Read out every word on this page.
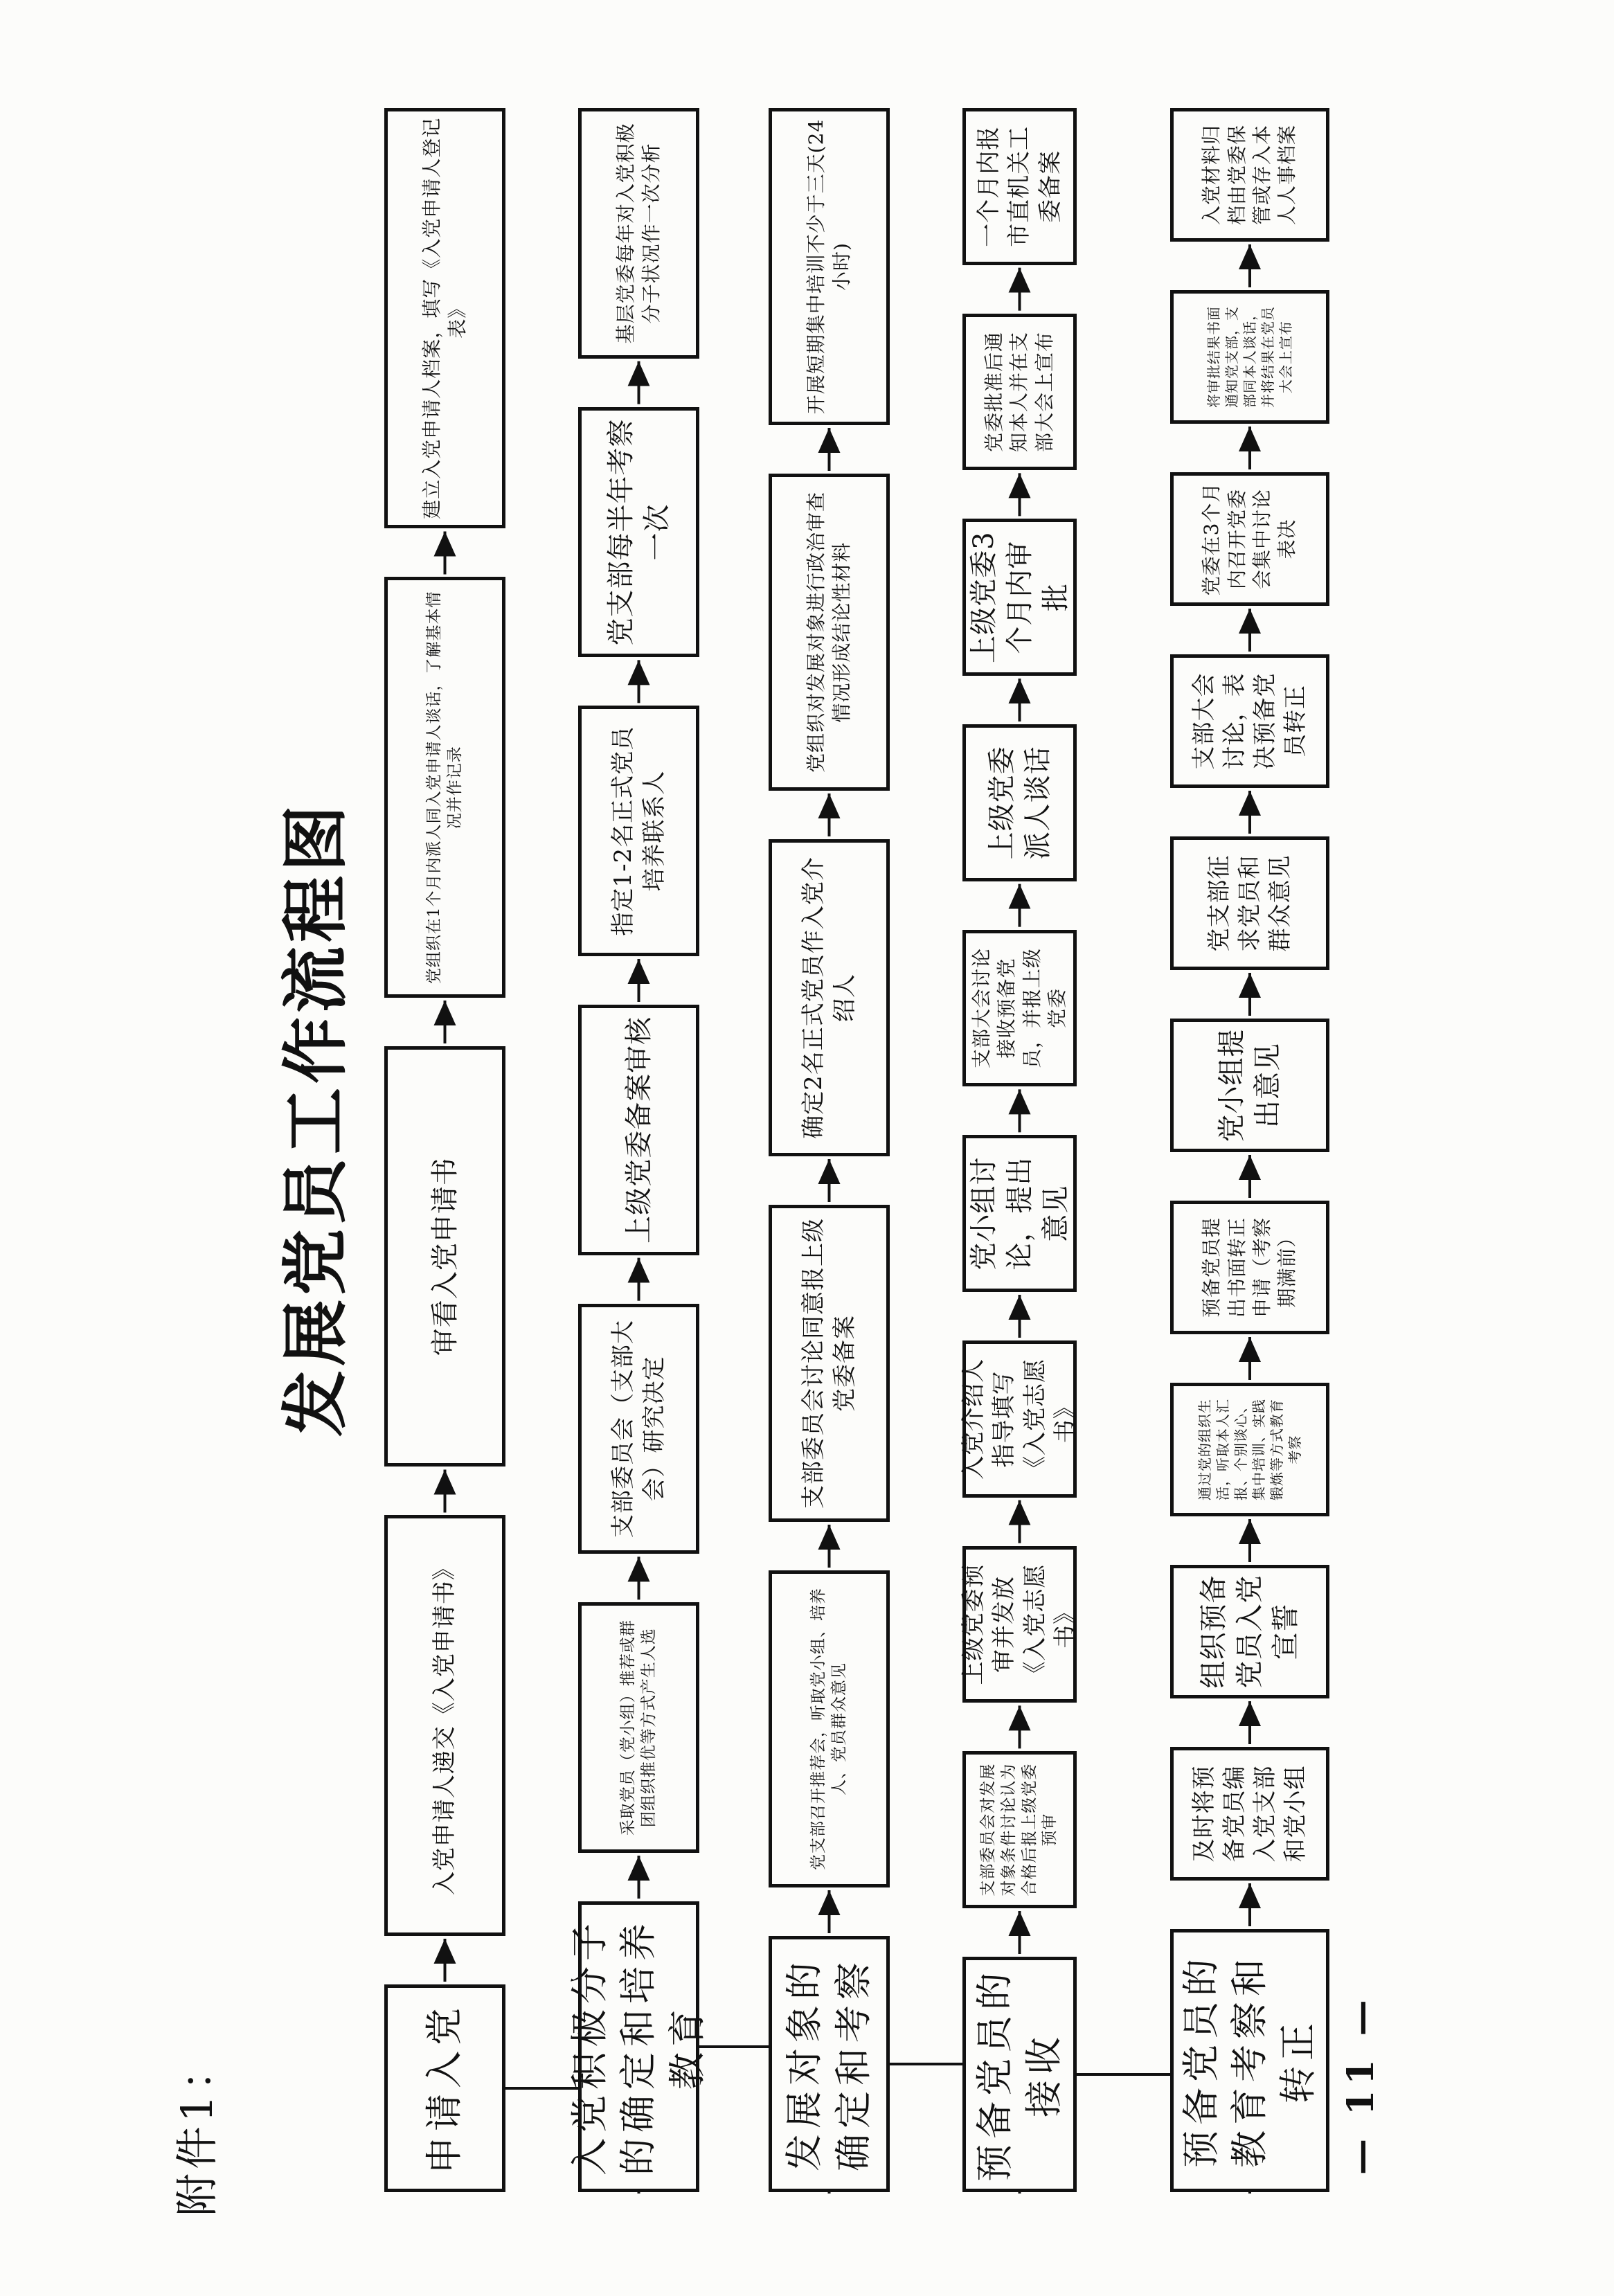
附件1：
发展党员工作流程图
— 11 —
申请入党
入党申请人递交《入党申请书》
审看入党申请书
党组织在1个月内派人同入党申请人谈话，了解基本情况并作记录
建立入党申请人档案，填写《入党申请人登记表》
入党积极分子的确定和培养教育
采取党员（党小组）推荐或群团组织推优等方式产生人选
支部委员会（支部大会）研究决定
上级党委备案审核
指定1-2名正式党员培养联系人
党支部每半年考察一次
基层党委每年对入党积极分子状况作一次分析
发展对象的确定和考察
党支部召开推荐会，听取党小组、培养人、党员群众意见
支部委员会讨论同意报上级党委备案
确定2名正式党员作入党介绍人
党组织对发展对象进行政治审查情况形成结论性材料
开展短期集中培训不少于三天(24小时)
预备党员的接收
支部委员会对发展对象条件讨论认为合格后报上级党委预审
上级党委预审并发放《入党志愿书》
入党介绍人指导填写《入党志愿书》
党小组讨论，提出意见
支部大会讨论接收预备党员，并报上级党委
上级党委派人谈话
上级党委3个月内审批
党委批准后通知本人并在支部大会上宣布
一个月内报市直机关工委备案
预备党员的教育考察和转正
及时将预备党员编入党支部和党小组
组织预备党员入党宣誓
通过党的组织生活，听取本人汇报、个别谈心、集中培训、实践锻炼等方式教育考察
预备党员提出书面转正申请（考察期满前）
党小组提出意见
党支部征求党员和群众意见
支部大会讨论，表决预备党员转正
党委在3个月内召开党委会集中讨论表决
将审批结果书面通知党支部，支部同本人谈话，并将结果在党员大会上宣布
入党材料归档由党委保管或存入本人人事档案
